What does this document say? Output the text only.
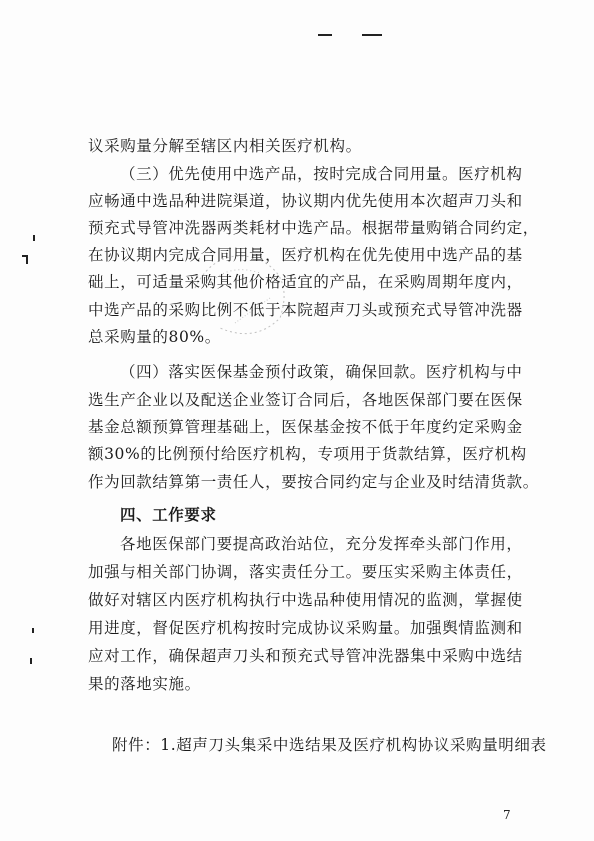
议采购量分解至辖区内相关医疗机构。
（三）优先使用中选产品，按时完成合同用量。医疗机构
应畅通中选品种进院渠道，协议期内优先使用本次超声刀头和
预充式导管冲洗器两类耗材中选产品。根据带量购销合同约定，
在协议期内完成合同用量，医疗机构在优先使用中选产品的基
础上，可适量采购其他价格适宜的产品，在采购周期年度内，
中选产品的采购比例不低于本院超声刀头或预充式导管冲洗器
总采购量的80%。
（四）落实医保基金预付政策，确保回款。医疗机构与中
选生产企业以及配送企业签订合同后，各地医保部门要在医保
基金总额预算管理基础上，医保基金按不低于年度约定采购金
额30%的比例预付给医疗机构，专项用于货款结算，医疗机构
作为回款结算第一责任人，要按合同约定与企业及时结清货款。
四、工作要求
各地医保部门要提高政治站位，充分发挥牵头部门作用，
加强与相关部门协调，落实责任分工。要压实采购主体责任，
做好对辖区内医疗机构执行中选品种使用情况的监测，掌握使
用进度，督促医疗机构按时完成协议采购量。加强舆情监测和
应对工作，确保超声刀头和预充式导管冲洗器集中采购中选结
果的落地实施。
附件：1.超声刀头集采中选结果及医疗机构协议采购量明细表
7
